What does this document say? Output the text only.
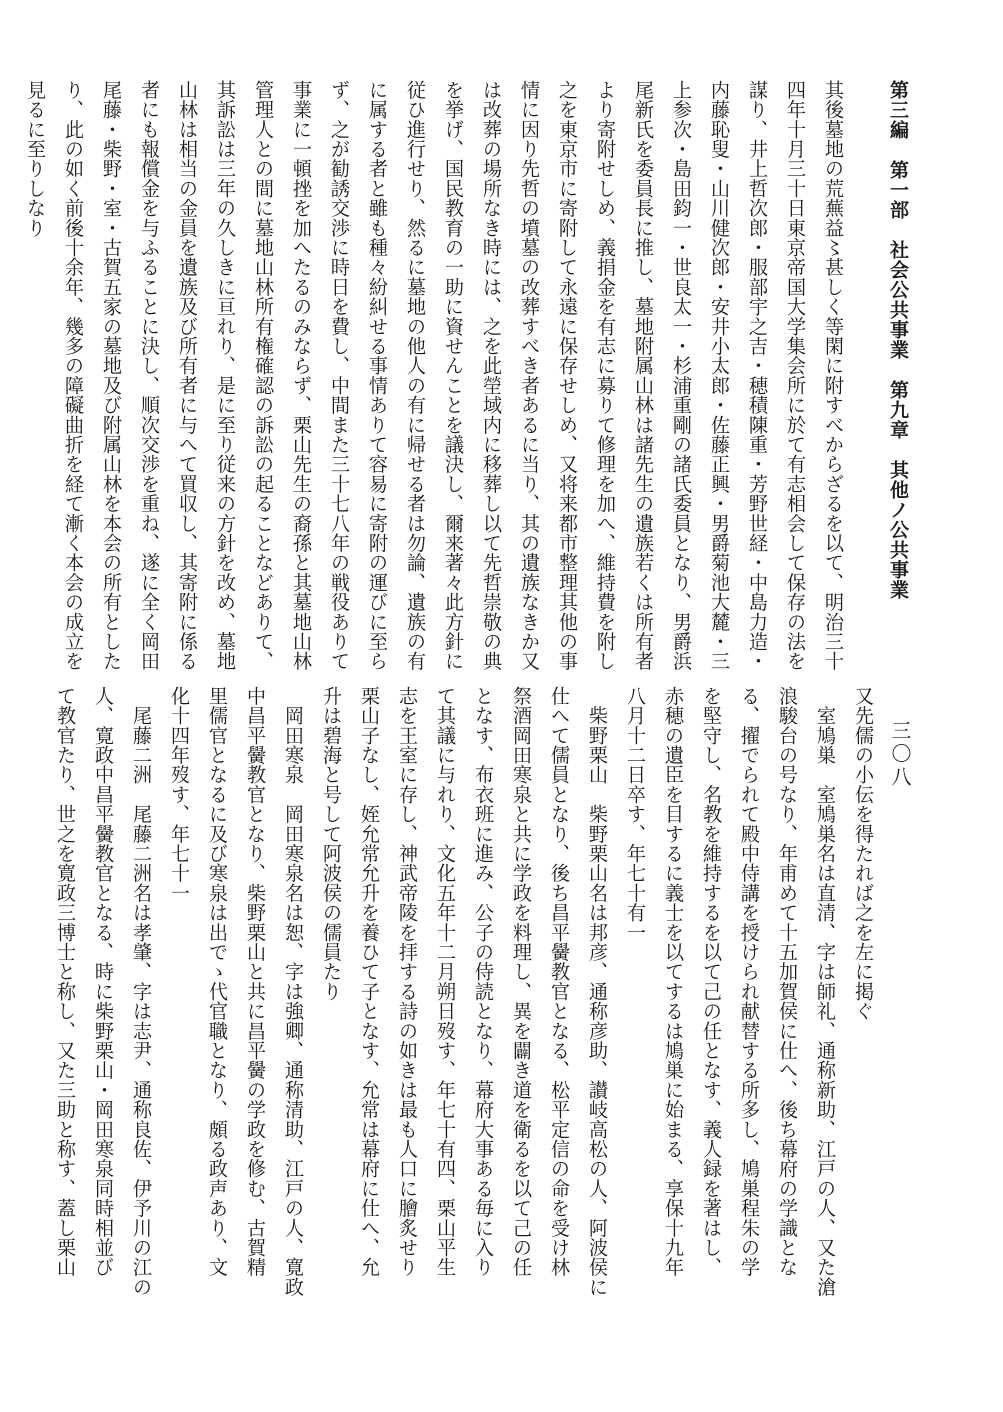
第三編　第一部　社会公共事業　第九章　其他ノ公共事業
三〇八
其後墓地の荒蕪益〻甚しく等閑に附すべからざるを以て、明治三十
四年十月三十日東京帝国大学集会所に於て有志相会して保存の法を
謀り、井上哲次郎・服部宇之吉・穂積陳重・芳野世経・中島力造・
内藤恥叟・山川健次郎・安井小太郎・佐藤正興・男爵菊池大麓・三
上参次・島田鈞一・世良太一・杉浦重剛の諸氏委員となり、男爵浜
尾新氏を委員長に推し、墓地附属山林は諸先生の遺族若くは所有者
より寄附せしめ、義捐金を有志に募りて修理を加へ、維持費を附し
之を東京市に寄附して永遠に保存せしめ、又将来都市整理其他の事
情に因り先哲の墳墓の改葬すべき者あるに当り、其の遺族なきか又
は改葬の場所なき時には、之を此塋域内に移葬し以て先哲崇敬の典
を挙げ、国民教育の一助に資せんことを議決し、爾来著々此方針に
従ひ進行せり、然るに墓地の他人の有に帰せる者は勿論、遺族の有
に属する者と雖も種々紛糾せる事情ありて容易に寄附の運びに至ら
ず、之が勧誘交渉に時日を費し、中間また三十七八年の戦役ありて
事業に一頓挫を加へたるのみならず、栗山先生の裔孫と其墓地山林
管理人との間に墓地山林所有権確認の訴訟の起ることなどありて、
其訴訟は三年の久しきに亘れり、是に至り従来の方針を改め、墓地
山林は相当の金員を遺族及び所有者に与へて買収し、其寄附に係る
者にも報償金を与ふることに決し、順次交渉を重ね、遂に全く岡田
尾藤・柴野・室・古賀五家の墓地及び附属山林を本会の所有とした
り、此の如く前後十余年、幾多の障礙曲折を経て漸く本会の成立を
見るに至りしなり
又先儒の小伝を得たれば之を左に掲ぐ
　室鳩巣　室鳩巣名は直清、字は師礼、通称新助、江戸の人、又た滄
浪駿台の号なり、年甫めて十五加賀侯に仕へ、後ち幕府の学識とな
る、擢でられて殿中侍講を授けられ献替する所多し、鳩巣程朱の学
を堅守し、名教を維持するを以て己の任となす、義人録を著はし、
赤穂の遺臣を目するに義士を以てするは鳩巣に始まる、享保十九年
八月十二日卒す、年七十有一
　柴野栗山　柴野栗山名は邦彦、通称彦助、讃岐高松の人、阿波侯に
仕へて儒員となり、後ち昌平黌教官となる、松平定信の命を受け林
祭酒岡田寒泉と共に学政を料理し、異を闢き道を衛るを以て己の任
となす、布衣班に進み、公子の侍読となり、幕府大事ある毎に入り
て其議に与れり、文化五年十二月朔日歿す、年七十有四、栗山平生
志を王室に存し、神武帝陵を拝する詩の如きは最も人口に膾炙せり
栗山子なし、姪允常允升を養ひて子となす、允常は幕府に仕へ、允
升は碧海と号して阿波侯の儒員たり
　岡田寒泉　岡田寒泉名は恕、字は強卿、通称清助、江戸の人、寛政
中昌平黌教官となり、柴野栗山と共に昌平黌の学政を修む、古賀精
里儒官となるに及び寒泉は出でゝ代官職となり、頗る政声あり、文
化十四年歿す、年七十一
　尾藤二洲　尾藤二洲名は孝肇、字は志尹、通称良佐、伊予川の江の
人、寛政中昌平黌教官となる、時に柴野栗山・岡田寒泉同時相並び
て教官たり、世之を寛政三博士と称し、又た三助と称す、蓋し栗山
